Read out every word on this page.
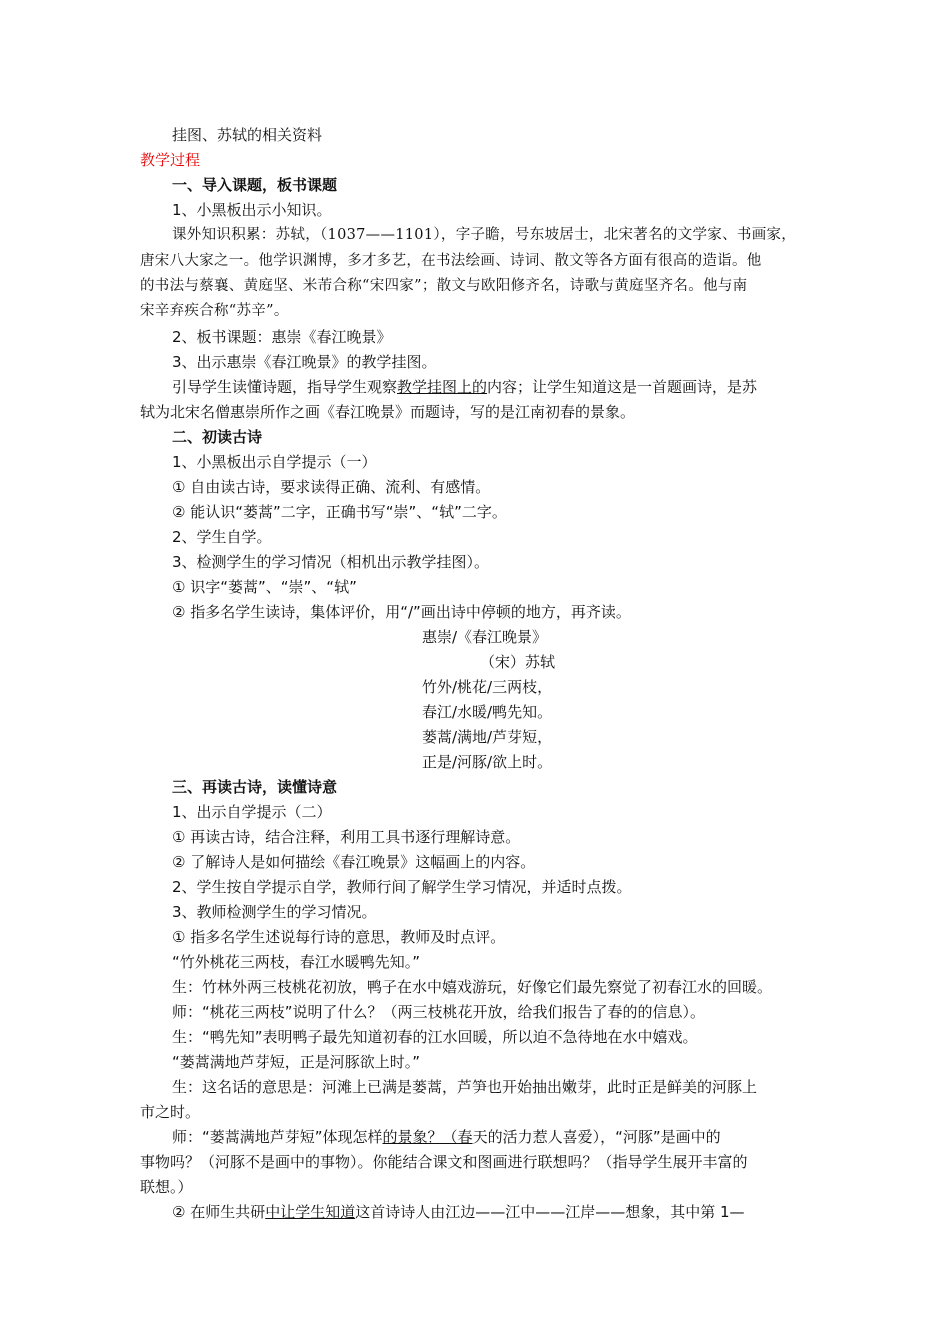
挂图、苏轼的相关资料
教学过程
一、导入课题，板书课题
1、小黑板出示小知识。
课外知识积累：苏轼，（1037——1101），字子瞻，号东坡居士，北宋著名的文学家、书画家，
唐宋八大家之一。他学识渊博，多才多艺，在书法绘画、诗词、散文等各方面有很高的造诣。他
的书法与蔡襄、黄庭坚、米芾合称“宋四家”；散文与欧阳修齐名，诗歌与黄庭坚齐名。他与南
宋辛弃疾合称“苏辛”。
2、板书课题：惠崇《春江晚景》
3、出示惠崇《春江晚景》的教学挂图。
引导学生读懂诗题，指导学生观察教学挂图上的内容；让学生知道这是一首题画诗，是苏
轼为北宋名僧惠崇所作之画《春江晚景》而题诗，写的是江南初春的景象。
二、初读古诗
1、小黑板出示自学提示（一）
① 自由读古诗，要求读得正确、流利、有感情。
② 能认识“蒌蒿”二字，正确书写“崇”、“轼”二字。
2、学生自学。
3、检测学生的学习情况（相机出示教学挂图）。
① 识字“蒌蒿”、“崇”、“轼”
② 指多名学生读诗，集体评价，用“/”画出诗中停顿的地方，再齐读。
惠崇/《春江晚景》
（宋）苏轼
竹外/桃花/三两枝，
春江/水暖/鸭先知。
蒌蒿/满地/芦芽短，
正是/河豚/欲上时。
三、再读古诗，读懂诗意
1、出示自学提示（二）
① 再读古诗，结合注释，利用工具书逐行理解诗意。
② 了解诗人是如何描绘《春江晚景》这幅画上的内容。
2、学生按自学提示自学，教师行间了解学生学习情况，并适时点拨。
3、教师检测学生的学习情况。
① 指多名学生述说每行诗的意思，教师及时点评。
“竹外桃花三两枝，春江水暖鸭先知。”
生：竹林外两三枝桃花初放，鸭子在水中嬉戏游玩，好像它们最先察觉了初春江水的回暖。
师：“桃花三两枝”说明了什么？（两三枝桃花开放，给我们报告了春的的信息）。
生：“鸭先知”表明鸭子最先知道初春的江水回暖，所以迫不急待地在水中嬉戏。
“蒌蒿满地芦芽短，正是河豚欲上时。”
生：这名话的意思是：河滩上已满是蒌蒿，芦笋也开始抽出嫩芽，此时正是鲜美的河豚上
市之时。
师：“蒌蒿满地芦芽短”体现怎样的景象？（春天的活力惹人喜爱），“河豚”是画中的
事物吗？（河豚不是画中的事物）。你能结合课文和图画进行联想吗？（指导学生展开丰富的
联想。）
② 在师生共研中让学生知道这首诗诗人由江边——江中——江岸——想象，其中第 1—
